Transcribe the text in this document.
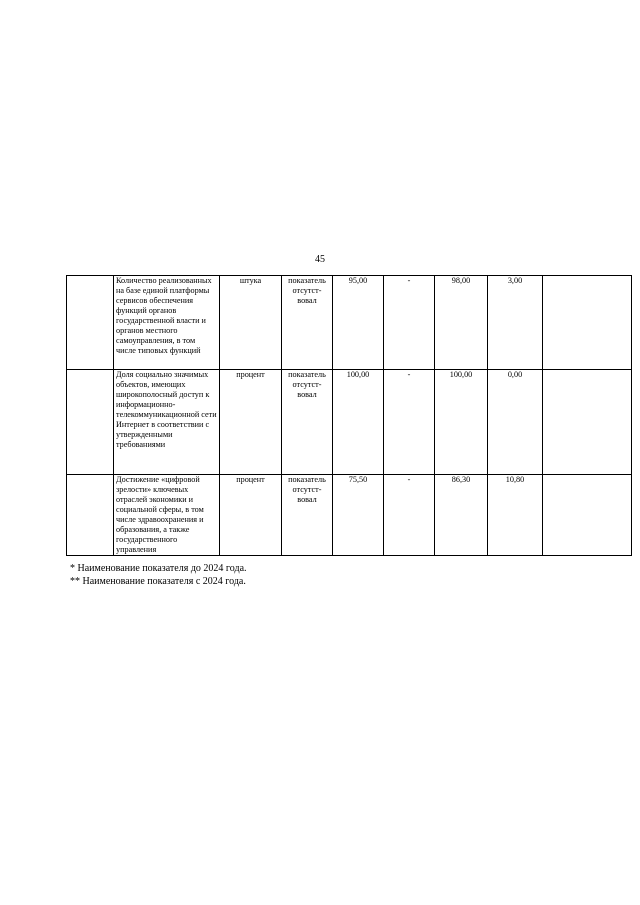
45
	Количество реализованных на базе единой платформы сервисов обеспечения функций органов государственной власти и органов местного самоуправления, в том числе типовых функций	штука	показатель отсутст-вовал	95,00	-	98,00	3,00	
	Доля социально значимых объектов, имеющих широкополосный доступ к информационно-телекоммуникационной сети Интернет в соответствии с утвержденными требованиями	процент	показатель отсутст-вовал	100,00	-	100,00	0,00	
	Достижение «цифровой зрелости» ключевых отраслей экономики и социальной сферы, в том числе здравоохранения и образования, а также государственного управления	процент	показатель отсутст-вовал	75,50	-	86,30	10,80	
* Наименование показателя до 2024 года.
** Наименование показателя с 2024 года.
